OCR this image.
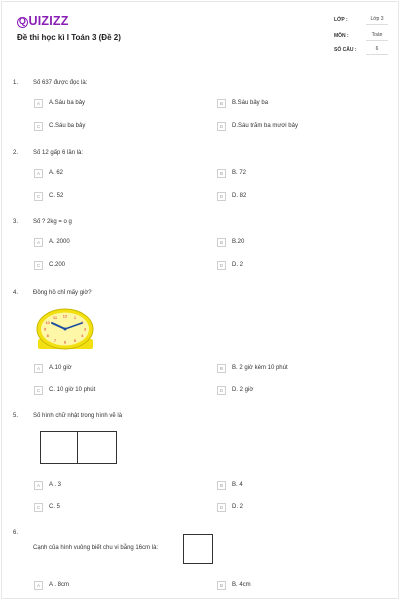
Q UIZIZZ
Đề thi học kì I Toán 3 (Đề 2)
LỚP :	Lớp 3
MÔN :	Toán
SỐ CÂU :	6
1. Số 637 được đọc là:
A	A.Sáu ba bảy	B	B.Sáu bảy ba
C	C.Sáu ba bảy	D	D.Sáu trăm ba mươi bảy
2. Số 12 gấp 6 lần là:
A	A. 62	B	B. 72
C	C. 52	D	D. 82
3. Số ? 2kg = o g
A	A. 2000	B	B.20
C	C.200	D	D. 2
4. Đồng hồ chỉ mấy giờ?
12 1
3
4
5
6
7
8
9
10
11
A	A.10 giờ	B	B. 2 giờ kém 10 phút
C	C. 10 giờ 10 phút	D	D. 2 giờ
5. Số hình chữ nhật trong hình vẽ là
A	A . 3	B	B. 4
C	C. 5	D	D. 2
6.
Cạnh của hình vuông biết chu vi bằng 16cm là:
A	A . 8cm	B	B. 4cm
